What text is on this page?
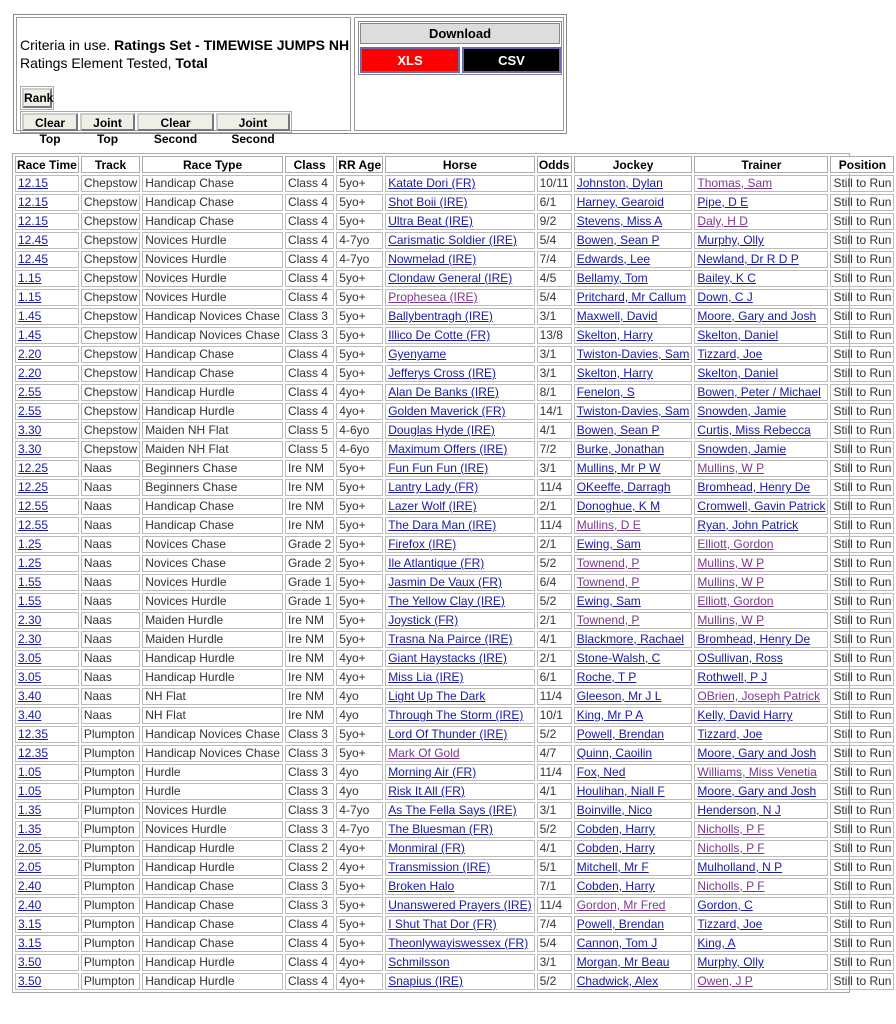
Criteria in use. Ratings Set - TIMEWISE JUMPS NH
Ratings Element Tested, Total
Rank
Clear Top
Joint Top
Clear Second
Joint Second
Download
XLS	CSV
Race Time	Track	Race Type	Class	RR Age	Horse	Odds	Jockey	Trainer	Position
12.15	Chepstow	Handicap Chase	Class 4	5yo+	Katate Dori (FR)	10/11	Johnston, Dylan	Thomas, Sam	Still to Run
12.15	Chepstow	Handicap Chase	Class 4	5yo+	Shot Boii (IRE)	6/1	Harney, Gearoid	Pipe, D E	Still to Run
12.15	Chepstow	Handicap Chase	Class 4	5yo+	Ultra Beat (IRE)	9/2	Stevens, Miss A	Daly, H D	Still to Run
12.45	Chepstow	Novices Hurdle	Class 4	4-7yo	Carismatic Soldier (IRE)	5/4	Bowen, Sean P	Murphy, Olly	Still to Run
12.45	Chepstow	Novices Hurdle	Class 4	4-7yo	Nowmelad (IRE)	7/4	Edwards, Lee	Newland, Dr R D P	Still to Run
1.15	Chepstow	Novices Hurdle	Class 4	5yo+	Clondaw General (IRE)	4/5	Bellamy, Tom	Bailey, K C	Still to Run
1.15	Chepstow	Novices Hurdle	Class 4	5yo+	Prophesea (IRE)	5/4	Pritchard, Mr Callum	Down, C J	Still to Run
1.45	Chepstow	Handicap Novices Chase	Class 3	5yo+	Ballybentragh (IRE)	3/1	Maxwell, David	Moore, Gary and Josh	Still to Run
1.45	Chepstow	Handicap Novices Chase	Class 3	5yo+	Illico De Cotte (FR)	13/8	Skelton, Harry	Skelton, Daniel	Still to Run
2.20	Chepstow	Handicap Chase	Class 4	5yo+	Gyenyame	3/1	Twiston-Davies, Sam	Tizzard, Joe	Still to Run
2.20	Chepstow	Handicap Chase	Class 4	5yo+	Jefferys Cross (IRE)	3/1	Skelton, Harry	Skelton, Daniel	Still to Run
2.55	Chepstow	Handicap Hurdle	Class 4	4yo+	Alan De Banks (IRE)	8/1	Fenelon, S	Bowen, Peter / Michael	Still to Run
2.55	Chepstow	Handicap Hurdle	Class 4	4yo+	Golden Maverick (FR)	14/1	Twiston-Davies, Sam	Snowden, Jamie	Still to Run
3.30	Chepstow	Maiden NH Flat	Class 5	4-6yo	Douglas Hyde (IRE)	4/1	Bowen, Sean P	Curtis, Miss Rebecca	Still to Run
3.30	Chepstow	Maiden NH Flat	Class 5	4-6yo	Maximum Offers (IRE)	7/2	Burke, Jonathan	Snowden, Jamie	Still to Run
12.25	Naas	Beginners Chase	Ire NM	5yo+	Fun Fun Fun (IRE)	3/1	Mullins, Mr P W	Mullins, W P	Still to Run
12.25	Naas	Beginners Chase	Ire NM	5yo+	Lantry Lady (FR)	11/4	OKeeffe, Darragh	Bromhead, Henry De	Still to Run
12.55	Naas	Handicap Chase	Ire NM	5yo+	Lazer Wolf (IRE)	2/1	Donoghue, K M	Cromwell, Gavin Patrick	Still to Run
12.55	Naas	Handicap Chase	Ire NM	5yo+	The Dara Man (IRE)	11/4	Mullins, D E	Ryan, John Patrick	Still to Run
1.25	Naas	Novices Chase	Grade 2	5yo+	Firefox (IRE)	2/1	Ewing, Sam	Elliott, Gordon	Still to Run
1.25	Naas	Novices Chase	Grade 2	5yo+	Ile Atlantique (FR)	5/2	Townend, P	Mullins, W P	Still to Run
1.55	Naas	Novices Hurdle	Grade 1	5yo+	Jasmin De Vaux (FR)	6/4	Townend, P	Mullins, W P	Still to Run
1.55	Naas	Novices Hurdle	Grade 1	5yo+	The Yellow Clay (IRE)	5/2	Ewing, Sam	Elliott, Gordon	Still to Run
2.30	Naas	Maiden Hurdle	Ire NM	5yo+	Joystick (FR)	2/1	Townend, P	Mullins, W P	Still to Run
2.30	Naas	Maiden Hurdle	Ire NM	5yo+	Trasna Na Pairce (IRE)	4/1	Blackmore, Rachael	Bromhead, Henry De	Still to Run
3.05	Naas	Handicap Hurdle	Ire NM	4yo+	Giant Haystacks (IRE)	2/1	Stone-Walsh, C	OSullivan, Ross	Still to Run
3.05	Naas	Handicap Hurdle	Ire NM	4yo+	Miss Lia (IRE)	6/1	Roche, T P	Rothwell, P J	Still to Run
3.40	Naas	NH Flat	Ire NM	4yo	Light Up The Dark	11/4	Gleeson, Mr J L	OBrien, Joseph Patrick	Still to Run
3.40	Naas	NH Flat	Ire NM	4yo	Through The Storm (IRE)	10/1	King, Mr P A	Kelly, David Harry	Still to Run
12.35	Plumpton	Handicap Novices Chase	Class 3	5yo+	Lord Of Thunder (IRE)	5/2	Powell, Brendan	Tizzard, Joe	Still to Run
12.35	Plumpton	Handicap Novices Chase	Class 3	5yo+	Mark Of Gold	4/7	Quinn, Caoilin	Moore, Gary and Josh	Still to Run
1.05	Plumpton	Hurdle	Class 3	4yo	Morning Air (FR)	11/4	Fox, Ned	Williams, Miss Venetia	Still to Run
1.05	Plumpton	Hurdle	Class 3	4yo	Risk It All (FR)	4/1	Houlihan, Niall F	Moore, Gary and Josh	Still to Run
1.35	Plumpton	Novices Hurdle	Class 3	4-7yo	As The Fella Says (IRE)	3/1	Boinville, Nico	Henderson, N J	Still to Run
1.35	Plumpton	Novices Hurdle	Class 3	4-7yo	The Bluesman (FR)	5/2	Cobden, Harry	Nicholls, P F	Still to Run
2.05	Plumpton	Handicap Hurdle	Class 2	4yo+	Monmiral (FR)	4/1	Cobden, Harry	Nicholls, P F	Still to Run
2.05	Plumpton	Handicap Hurdle	Class 2	4yo+	Transmission (IRE)	5/1	Mitchell, Mr F	Mulholland, N P	Still to Run
2.40	Plumpton	Handicap Chase	Class 3	5yo+	Broken Halo	7/1	Cobden, Harry	Nicholls, P F	Still to Run
2.40	Plumpton	Handicap Chase	Class 3	5yo+	Unanswered Prayers (IRE)	11/4	Gordon, Mr Fred	Gordon, C	Still to Run
3.15	Plumpton	Handicap Chase	Class 4	5yo+	I Shut That Dor (FR)	7/4	Powell, Brendan	Tizzard, Joe	Still to Run
3.15	Plumpton	Handicap Chase	Class 4	5yo+	Theonlywayiswessex (FR)	5/4	Cannon, Tom J	King, A	Still to Run
3.50	Plumpton	Handicap Hurdle	Class 4	4yo+	Schmilsson	3/1	Morgan, Mr Beau	Murphy, Olly	Still to Run
3.50	Plumpton	Handicap Hurdle	Class 4	4yo+	Snapius (IRE)	5/2	Chadwick, Alex	Owen, J P	Still to Run
